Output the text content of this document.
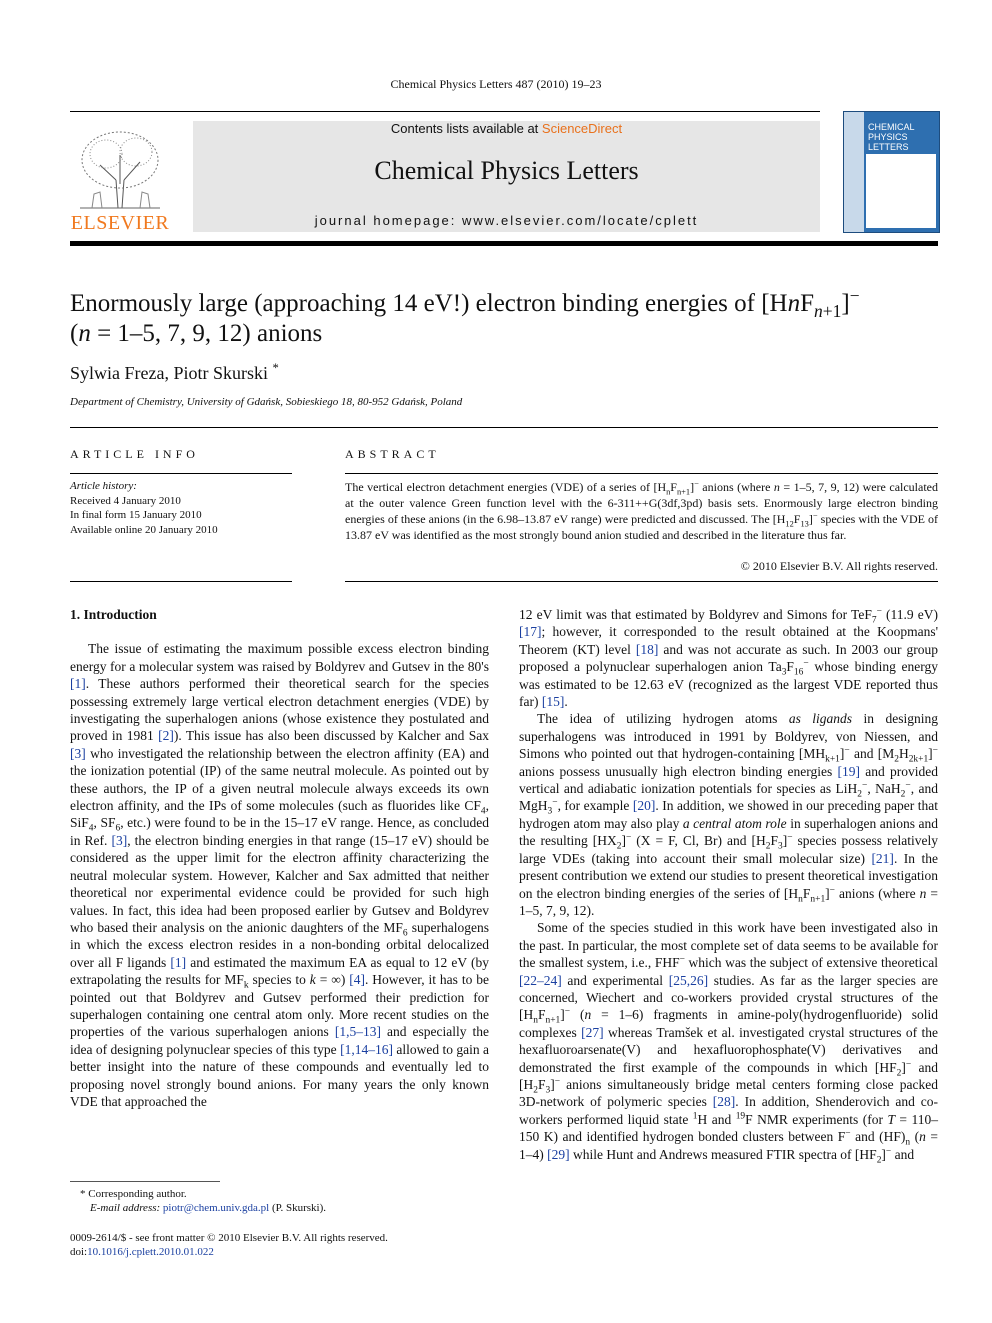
Chemical Physics Letters 487 (2010) 19–23
ELSEVIER
Contents lists available at ScienceDirect
Chemical Physics Letters
journal homepage: www.elsevier.com/locate/cplett
CHEMICAL
PHYSICS
LETTERS
Enormously large (approaching 14 eV!) electron binding energies of [HnF$_{n+1}$]−
(n = 1–5, 7, 9, 12) anions
Sylwia Freza, Piotr Skurski *
Department of Chemistry, University of Gdańsk, Sobieskiego 18, 80-952 Gdańsk, Poland
ARTICLE INFO
Article history:
Received 4 January 2010
In final form 15 January 2010
Available online 20 January 2010
ABSTRACT
The vertical electron detachment energies (VDE) of a series of $[H_nF_{n+1}]^-$ anions (where n = 1–5, 7, 9, 12) were calculated at the outer valence Green function level with the 6-311++G(3df,3pd) basis sets. Enormously large electron binding energies of these anions (in the 6.98–13.87 eV range) were predicted and discussed. The $[H_{12}F_{13}]^-$ species with the VDE of 13.87 eV was identified as the most strongly bound anion studied and described in the literature thus far.
© 2010 Elsevier B.V. All rights reserved.
1. Introduction

The issue of estimating the maximum possible excess electron binding energy for a molecular system was raised by Boldyrev and Gutsev in the 80's [1]. These authors performed their theoretical search for the species possessing extremely large vertical electron detachment energies (VDE) by investigating the superhalogen anions (whose existence they postulated and proved in 1981 [2]). This issue has also been discussed by Kalcher and Sax [3] who investigated the relationship between the electron affinity (EA) and the ionization potential (IP) of the same neutral molecule. As pointed out by these authors, the IP of a given neutral molecule always exceeds its own electron affinity, and the IPs of some molecules (such as fluorides like $CF_4$, SiF$_4$, $SF_6$, etc.) were found to be in the 15–17 eV range. Hence, as concluded in Ref. [3], the electron binding energies in that range (15–17 eV) should be considered as the upper limit for the electron affinity characterizing the neutral molecular system. However, Kalcher and Sax admitted that neither theoretical nor experimental evidence could be provided for such high values. In fact, this idea had been proposed earlier by Gutsev and Boldyrev who based their analysis on the anionic daughters of the $MF_6$ superhalogens in which the excess electron resides in a non-bonding orbital delocalized over all F ligands [1] and estimated the maximum EA as equal to 12 eV (by extrapolating the results for $MF_k$ species to k = ∞) [4]. However, it has to be pointed out that Boldyrev and Gutsev performed their prediction for superhalogen containing one central atom only. More recent studies on the properties of the various superhalogen anions [1,5–13] and especially the idea of designing polynuclear species of this type [1,14–16] allowed to gain a better insight into the nature of these compounds and eventually led to proposing novel strongly bound anions. For many years the only known VDE that approached the

12 eV limit was that estimated by Boldyrev and Simons for TeF$_7$− (11.9 eV) [17]; however, it corresponded to the result obtained at the Koopmans' Theorem (KT) level [18] and was not accurate as such. In 2003 our group proposed a polynuclear superhalogen anion $Ta_3F_{16}^-$ whose binding energy was estimated to be 12.63 eV (recognized as the largest VDE reported thus far) [15].

The idea of utilizing hydrogen atoms as ligands in designing superhalogens was introduced in 1991 by Boldyrev, von Niessen, and Simons who pointed out that hydrogen-containing $[MH_{k+1}]^-$ and $[M_2H_{2k+1}]^-$ anions possess unusually high electron binding energies [19] and provided vertical and adiabatic ionization potentials for species as LiH$_2$−, NaH$_2$−, and MgH$_3$−, for example [20]. In addition, we showed in our preceding paper that hydrogen atom may also play a central atom role in superhalogen anions and the resulting $[HX_2]^-$ (X = F, Cl, Br) and $[H_2F_3]^-$ species possess relatively large VDEs (taking into account their small molecular size) [21]. In the present contribution we extend our studies to present theoretical investigation on the electron binding energies of the series of $[H_nF_{n+1}]^-$ anions (where n = 1–5, 7, 9, 12).

Some of the species studied in this work have been investigated also in the past. In particular, the most complete set of data seems to be available for the smallest system, i.e., FHF− which was the subject of extensive theoretical [22–24] and experimental [25,26] studies. As far as the larger species are concerned, Wiechert and co-workers provided crystal structures of the $[H_nF_{n+1}]^-$ (n = 1–6) fragments in amine-poly(hydrogenfluoride) solid complexes [27] whereas Tramšek et al. investigated crystal structures of the hexafluoroarsenate(V) and hexafluorophosphate(V) derivatives and demonstrated the first example of the compounds in which $[HF_2]^-$ and $[H_2F_3]^-$ anions simultaneously bridge metal centers forming close packed 3D-network of polymeric species [28]. In addition, Shenderovich and co-workers performed liquid state $^1$H and $^{19}$F NMR experiments (for T = 110–150 K) and identified hydrogen bonded clusters between F− and $(HF)_n$ (n = 1–4) [29] while Hunt and Andrews measured FTIR spectra of $[HF_2]^-$ and

* Corresponding author.
E-mail address: piotr@chem.univ.gda.pl (P. Skurski).
0009-2614/$ - see front matter © 2010 Elsevier B.V. All rights reserved.
doi:10.1016/j.cplett.2010.01.022
